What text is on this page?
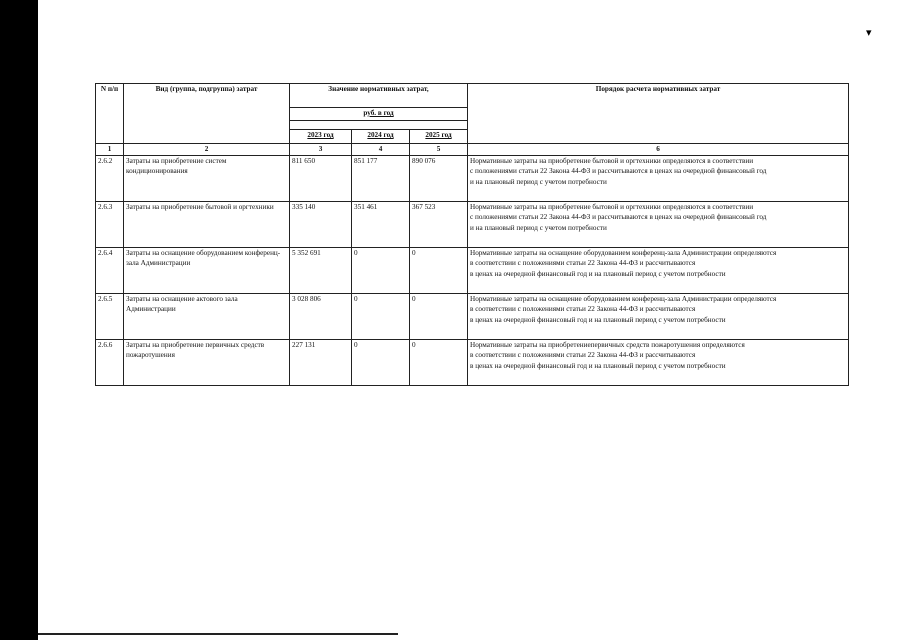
▾
N п/п	Вид (группа, подгруппа) затрат	Значение нормативных затрат,			Порядок расчета нормативных затрат
		руб. в год			

		2023 год	2024 год	2025 год	
1	2	3	4	5	6
2.6.2	Затраты на приобретение систем кондиционирования	811 650	851 177	890 076	Нормативные затраты на приобретение бытовой и оргтехники определяются в соответствии
с положениями статьи 22 Закона 44-ФЗ и рассчитываются в ценах на очередной финансовый год
и на плановый период с учетом потребности

2.6.3	Затраты на приобретение бытовой и оргтехники	335 140	351 461	367 523	Нормативные затраты на приобретение бытовой и оргтехники определяются в соответствии
с положениями статьи 22 Закона 44-ФЗ и рассчитываются в ценах на очередной финансовый год
и на плановый период с учетом потребности

2.6.4	Затраты на оснащение оборудованием конференц-зала Администрации	5 352 691	0	0	Нормативные затраты на оснащение оборудованием конференц-зала Администрации определяются
в соответствии с положениями статьи 22 Закона 44-ФЗ и рассчитываются
в ценах на очередной финансовый год и на плановый период с учетом потребности

2.6.5	Затраты на оснащение актового зала Администрации	3 028 806	0	0	Нормативные затраты на оснащение оборудованием конференц-зала Администрации определяются
в соответствии с положениями статьи 22 Закона 44-ФЗ и рассчитываются
в ценах на очередной финансовый год и на плановый период с учетом потребности

2.6.6	Затраты на приобретение первичных средств пожаротушения	227 131	0	0	Нормативные затраты на приобретениепервичных средств пожаротушения определяются
в соответствии с положениями статьи 22 Закона 44-ФЗ и рассчитываются
в ценах на очередной финансовый год и на плановый период с учетом потребности
